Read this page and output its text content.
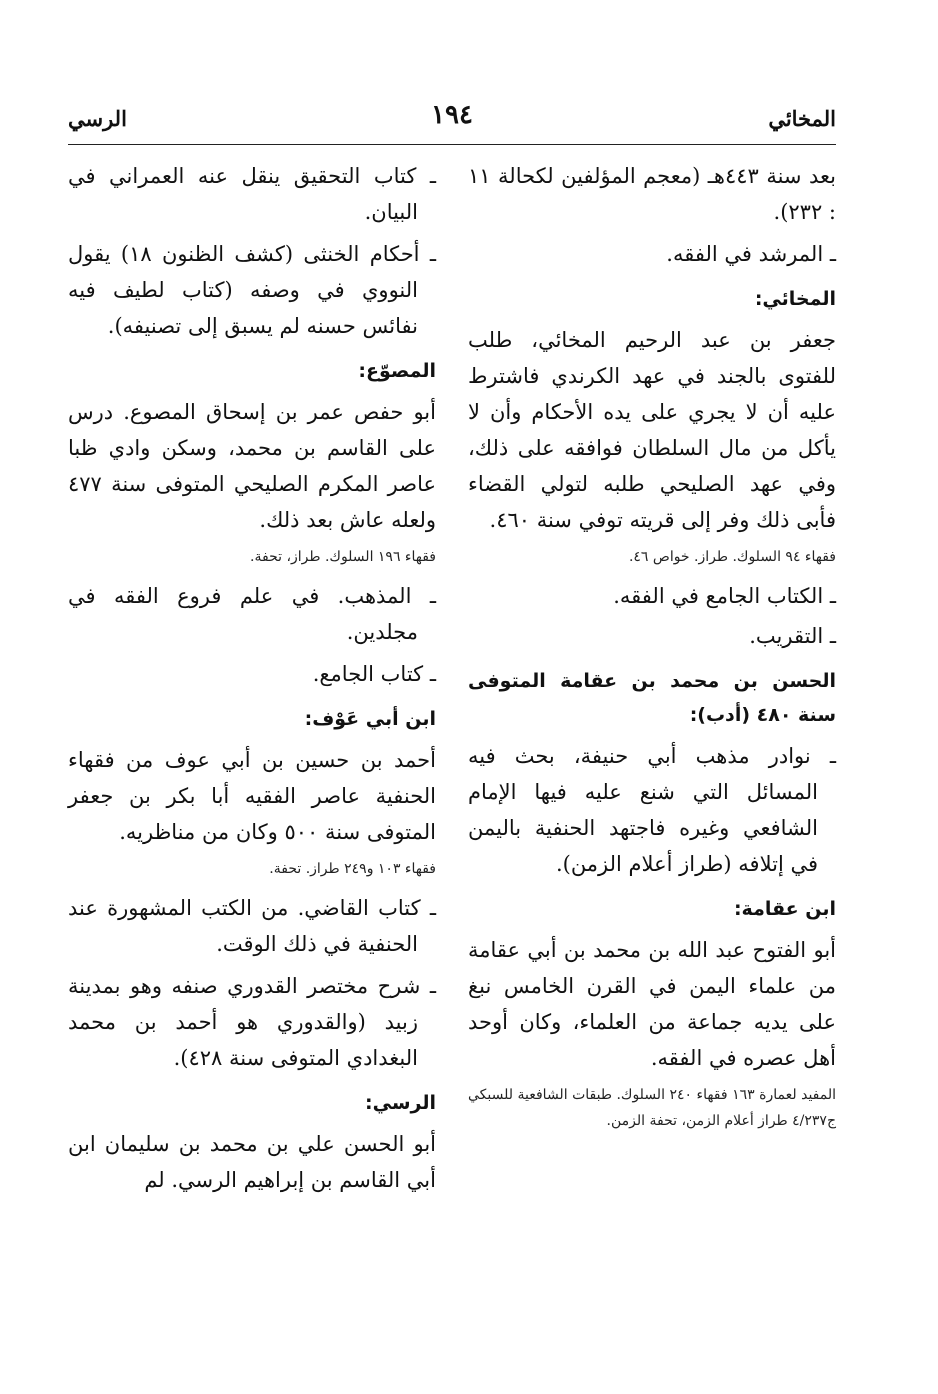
المخائي
١٩٤
الرسي

بعد سنة ٤٤٣هـ (معجم المؤلفين لكحالة ١١ : ٢٣٢).

ـ المرشد في الفقه.

المخائي:

جعفر بن عبد الرحيم المخائي، طلب للفتوى بالجند في عهد الكرندي فاشترط عليه أن لا يجري على يده الأحكام وأن لا يأكل من مال السلطان فوافقه على ذلك، وفي عهد الصليحي طلبه لتولي القضاء فأبى ذلك وفر إلى قريته توفي سنة ٤٦٠.

فقهاء ٩٤ السلوك. طراز. خواص ٤٦.

ـ الكتاب الجامع في الفقه.

ـ التقريب.

الحسن بن محمد بن عقامة المتوفى سنة ٤٨٠ (أدب):

ـ نوادر مذهب أبي حنيفة، بحث فيه المسائل التي شنع عليه فيها الإمام الشافعي وغيره فاجتهد الحنفية باليمن في إتلافه (طراز أعلام الزمن).

ابن عقامة:

أبو الفتوح عبد الله بن محمد بن أبي عقامة من علماء اليمن في القرن الخامس نبغ على يديه جماعة من العلماء، وكان أوحد أهل عصره في الفقه.

المفيد لعمارة ١٦٣ فقهاء ٢٤٠ السلوك. طبقات الشافعية للسبكي ج٤/٢٣٧ طراز أعلام الزمن، تحفة الزمن.

ـ كتاب التحقيق ينقل عنه العمراني في البيان.

ـ أحكام الخنثى (كشف الظنون ١٨) يقول النووي في وصفه (كتاب لطيف فيه نفائس حسنه لم يسبق إلى تصنيفه).

المصوّع:

أبو حفص عمر بن إسحاق المصوع. درس على القاسم بن محمد، وسكن وادي ظبا عاصر المكرم الصليحي المتوفى سنة ٤٧٧ ولعله عاش بعد ذلك.

فقهاء ١٩٦ السلوك. طراز، تحفة.

ـ المذهب. في علم فروع الفقه في مجلدين.

ـ كتاب الجامع.

ابن أبي عَوْف:

أحمد بن حسين بن أبي عوف من فقهاء الحنفية عاصر الفقيه أبا بكر بن جعفر المتوفى سنة ٥٠٠ وكان من مناظريه.

فقهاء ١٠٣ و٢٤٩ طراز. تحفة.

ـ كتاب القاضي. من الكتب المشهورة عند الحنفية في ذلك الوقت.

ـ شرح مختصر القدوري صنفه وهو بمدينة زبيد (والقدوري هو أحمد بن محمد البغدادي المتوفى سنة ٤٢٨).

الرسي:

أبو الحسن علي بن محمد بن سليمان ابن أبي القاسم بن إبراهيم الرسي. لم
